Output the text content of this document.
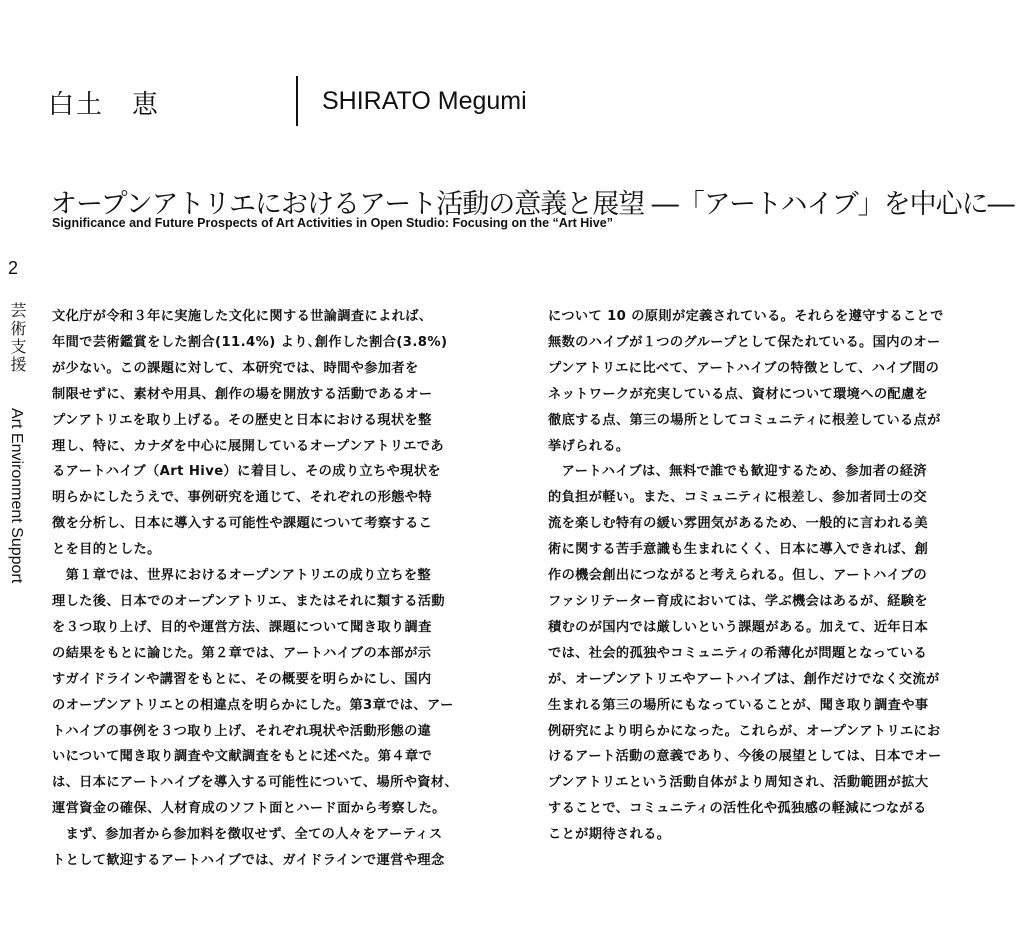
白土　恵	SHIRATO Megumi
オープンアトリエにおけるアート活動の意義と展望 ―「アートハイブ」を中心に―
Significance and Future Prospects of Art Activities in Open Studio: Focusing on the “Art Hive”
2
芸術支援
Art Environment Support
文化庁が令和３年に実施した文化に関する世論調査によれば、
年間で芸術鑑賞をした割合(11.4%) より､創作した割合(3.8%)
が少ない。この課題に対して、本研究では、時間や参加者を
制限せずに、素材や用具、創作の場を開放する活動であるオー
プンアトリエを取り上げる。その歴史と日本における現状を整
理し、特に、カナダを中心に展開しているオープンアトリエであ
るアートハイブ（Art Hive）に着目し、その成り立ちや現状を
明らかにしたうえで、事例研究を通じて、それぞれの形態や特
徴を分析し、日本に導入する可能性や課題について考察するこ
とを目的とした。
　第１章では、世界におけるオープンアトリエの成り立ちを整
理した後、日本でのオープンアトリエ、またはそれに類する活動
を３つ取り上げ、目的や運営方法、課題について聞き取り調査
の結果をもとに論じた。第２章では、アートハイブの本部が示
すガイドラインや講習をもとに、その概要を明らかにし、国内
のオープンアトリエとの相違点を明らかにした。第3章では、アー
トハイブの事例を３つ取り上げ、それぞれ現状や活動形態の違
いについて聞き取り調査や文献調査をもとに述べた。第４章で
は、日本にアートハイブを導入する可能性について、場所や資材、
運営資金の確保、人材育成のソフト面とハード面から考察した。
　まず、参加者から参加料を徴収せず、全ての人々をアーティス
トとして歓迎するアートハイブでは、ガイドラインで運営や理念
について 10 の原則が定義されている。それらを遵守することで
無数のハイブが１つのグループとして保たれている。国内のオー
プンアトリエに比べて、アートハイブの特徴として、ハイブ間の
ネットワークが充実している点、資材について環境への配慮を
徹底する点、第三の場所としてコミュニティに根差している点が
挙げられる。
　アートハイブは、無料で誰でも歓迎するため、参加者の経済
的負担が軽い。また、コミュニティに根差し、参加者同士の交
流を楽しむ特有の緩い雰囲気があるため、一般的に言われる美
術に関する苦手意識も生まれにくく、日本に導入できれば、創
作の機会創出につながると考えられる。但し、アートハイブの
ファシリテーター育成においては、学ぶ機会はあるが、経験を
積むのが国内では厳しいという課題がある。加えて、近年日本
では、社会的孤独やコミュニティの希薄化が問題となっている
が、オープンアトリエやアートハイブは、創作だけでなく交流が
生まれる第三の場所にもなっていることが、聞き取り調査や事
例研究により明らかになった。これらが、オープンアトリエにお
けるアート活動の意義であり、今後の展望としては、日本でオー
プンアトリエという活動自体がより周知され、活動範囲が拡大
することで、コミュニティの活性化や孤独感の軽減につながる
ことが期待される。
